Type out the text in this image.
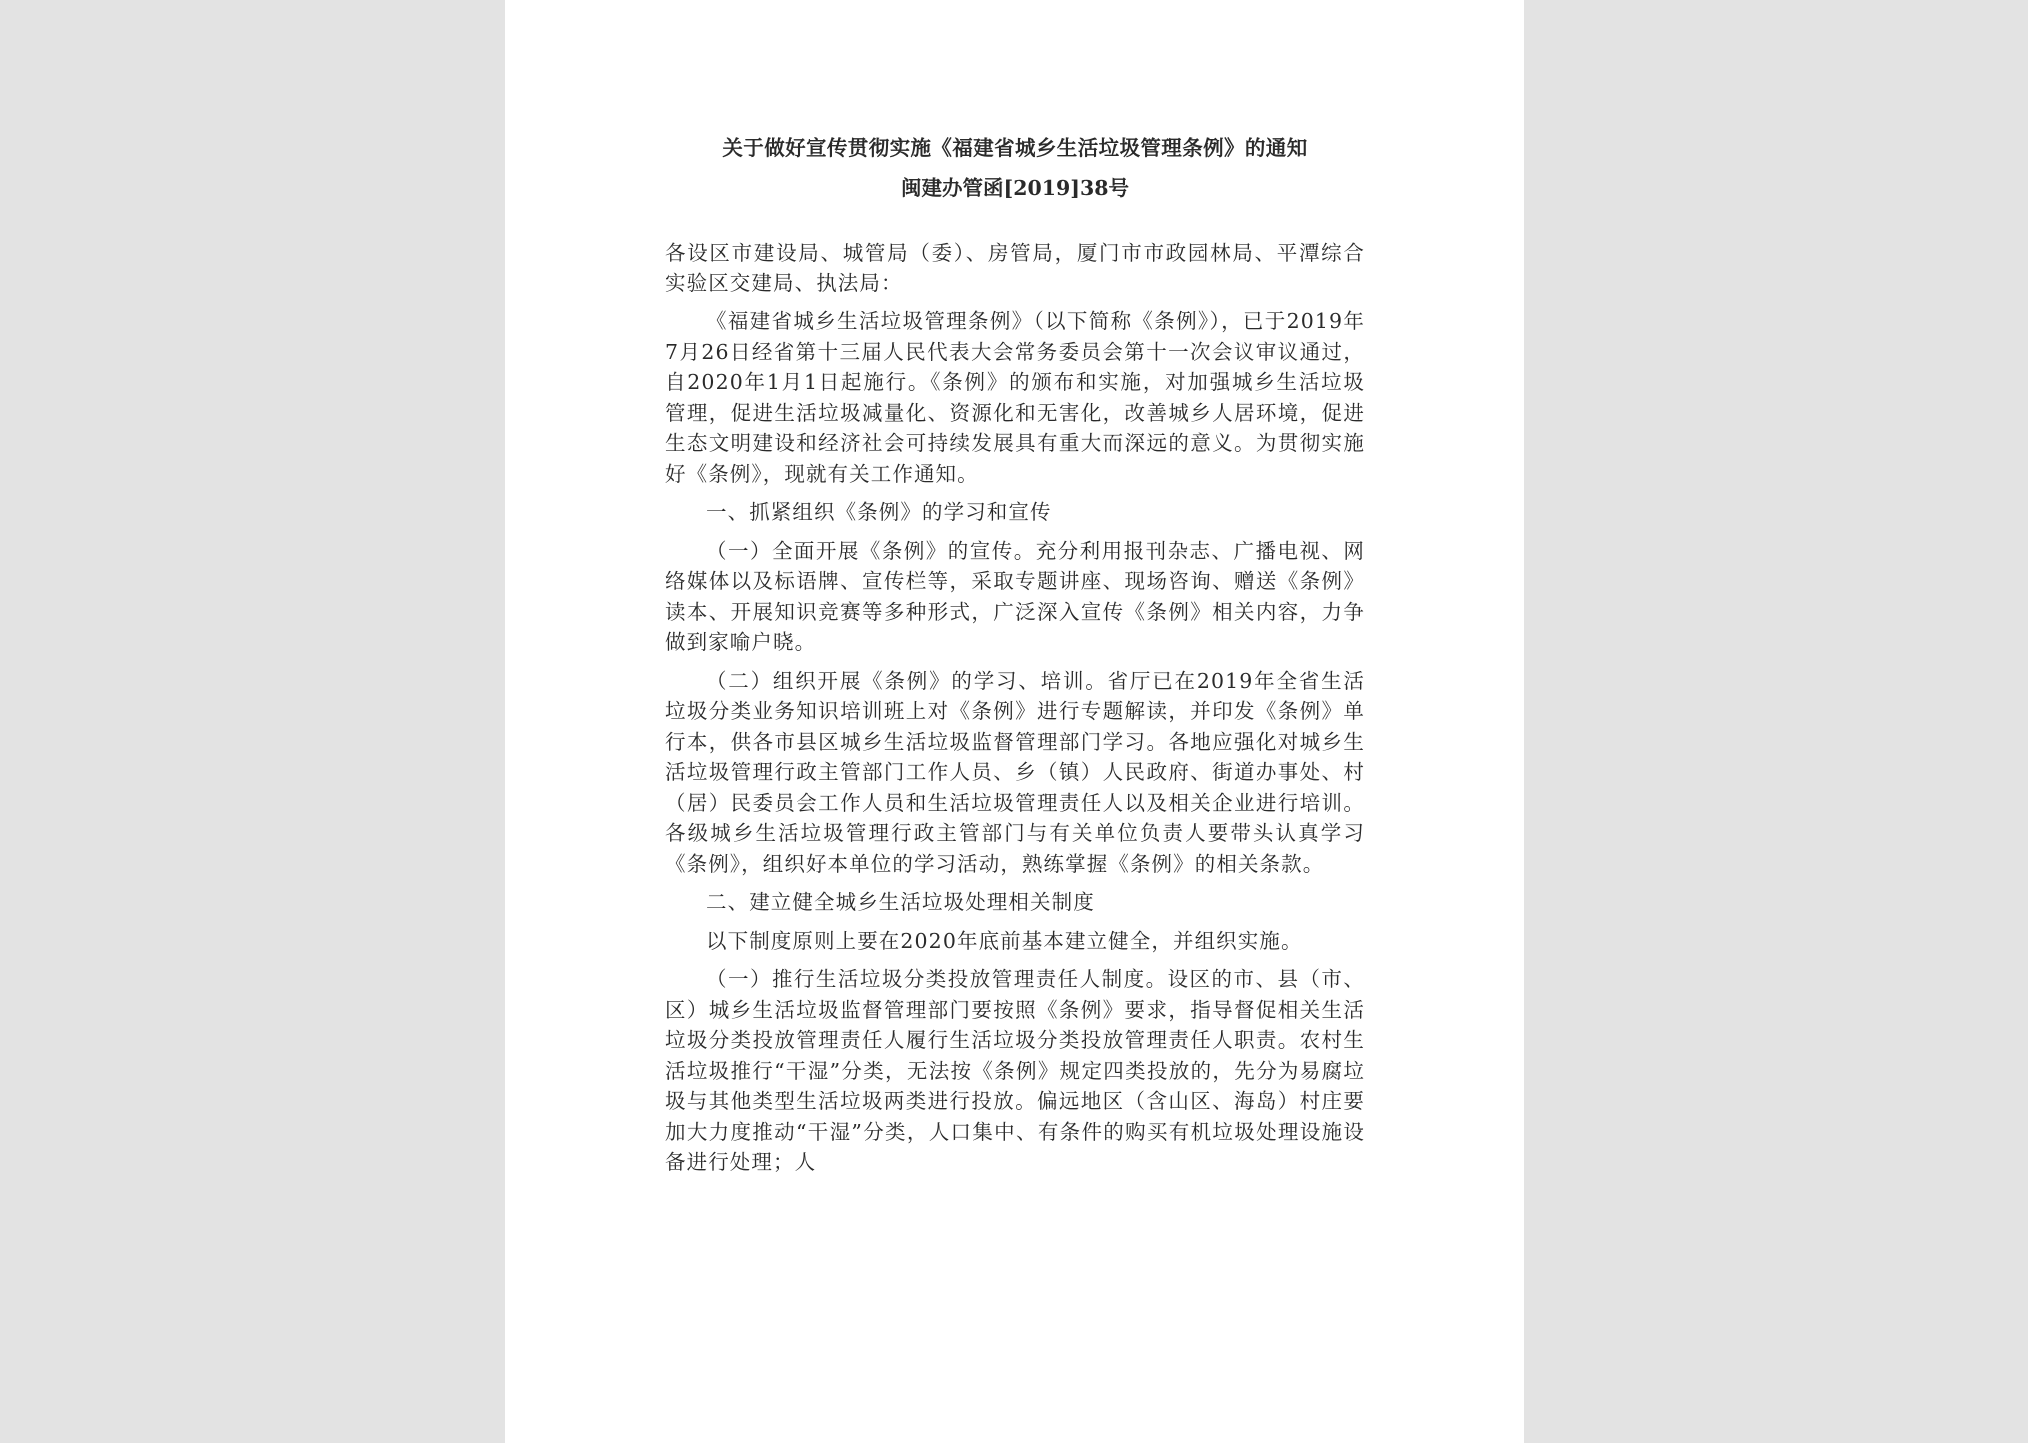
关于做好宣传贯彻实施《福建省城乡生活垃圾管理条例》的通知

闽建办管函[2019]38号

各设区市建设局、城管局（委）、房管局，厦门市市政园林局、平潭综合实验区交建局、执法局：

《福建省城乡生活垃圾管理条例》（以下简称《条例》），已于2019年7月26日经省第十三届人民代表大会常务委员会第十一次会议审议通过，自2020年1月1日起施行。《条例》的颁布和实施，对加强城乡生活垃圾管理，促进生活垃圾减量化、资源化和无害化，改善城乡人居环境，促进生态文明建设和经济社会可持续发展具有重大而深远的意义。为贯彻实施好《条例》，现就有关工作通知。

一、抓紧组织《条例》的学习和宣传

（一）全面开展《条例》的宣传。充分利用报刊杂志、广播电视、网络媒体以及标语牌、宣传栏等，采取专题讲座、现场咨询、赠送《条例》读本、开展知识竞赛等多种形式，广泛深入宣传《条例》相关内容，力争做到家喻户晓。

（二）组织开展《条例》的学习、培训。省厅已在2019年全省生活垃圾分类业务知识培训班上对《条例》进行专题解读，并印发《条例》单行本，供各市县区城乡生活垃圾监督管理部门学习。各地应强化对城乡生活垃圾管理行政主管部门工作人员、乡（镇）人民政府、街道办事处、村（居）民委员会工作人员和生活垃圾管理责任人以及相关企业进行培训。各级城乡生活垃圾管理行政主管部门与有关单位负责人要带头认真学习《条例》，组织好本单位的学习活动，熟练掌握《条例》的相关条款。

二、建立健全城乡生活垃圾处理相关制度

以下制度原则上要在2020年底前基本建立健全，并组织实施。

（一）推行生活垃圾分类投放管理责任人制度。设区的市、县（市、区）城乡生活垃圾监督管理部门要按照《条例》要求，指导督促相关生活垃圾分类投放管理责任人履行生活垃圾分类投放管理责任人职责。农村生活垃圾推行“干湿”分类，无法按《条例》规定四类投放的，先分为易腐垃圾与其他类型生活垃圾两类进行投放。偏远地区（含山区、海岛）村庄要加大力度推动“干湿”分类，人口集中、有条件的购买有机垃圾处理设施设备进行处理；人
